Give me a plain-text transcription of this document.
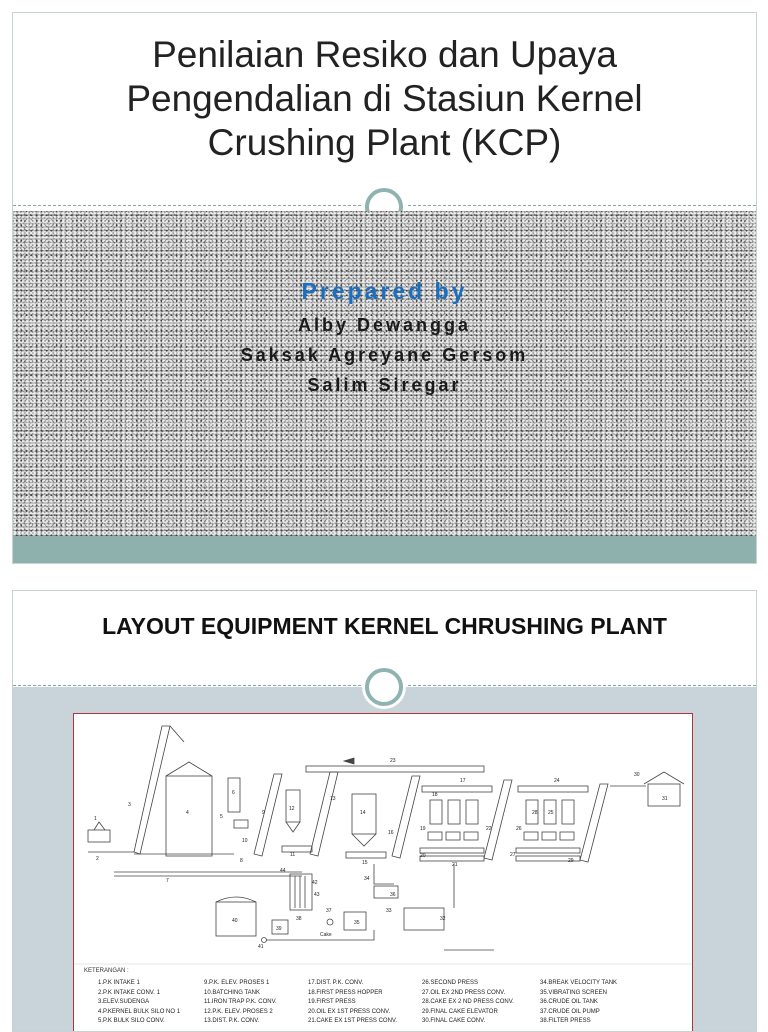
Penilaian Resiko dan Upaya
Pengendalian di Stasiun Kernel
Crushing Plant (KCP)
Prepared by
Alby Dewangga
Saksak Agreyane Gersom
Salim Siregar
LAYOUT EQUIPMENT KERNEL CHRUSHING PLANT
1
2
3
4
5
6
7
8
9
10
11
12
13
14
15
16
17
18
19
20
21
22
23
24
25
26
27
28
29
30
31
32
33
34
35
36
37
38
39
40
41
42
43
44
Cake
KETERANGAN :
1.P.K INTAKE 1
2.P.K INTAKE CONV. 1
3.ELEV.SUDENGA
4.P.KERNEL BULK SILO NO 1
5.P.K BULK SILO CONV.
9.P.K. ELEV. PROSES 1
10.BATCHING TANK
11.IRON TRAP P.K. CONV.
12.P.K. ELEV. PROSES 2
13.DIST. P.K. CONV.
17.DIST. P.K. CONV.
18.FIRST PRESS HOPPER
19.FIRST PRESS
20.OIL EX 1ST PRESS CONV.
21.CAKE EX 1ST PRESS CONV.
26.SECOND PRESS
27.OIL EX 2ND PRESS CONV.
28.CAKE EX 2 ND PRESS CONV.
29.FINAL CAKE ELEVATOR
30.FINAL CAKE CONV.
34.BREAK VELOCITY TANK
35.VIBRATING SCREEN
36.CRUDE OIL TANK
37.CRUDE OIL PUMP
38.FILTER PRESS
